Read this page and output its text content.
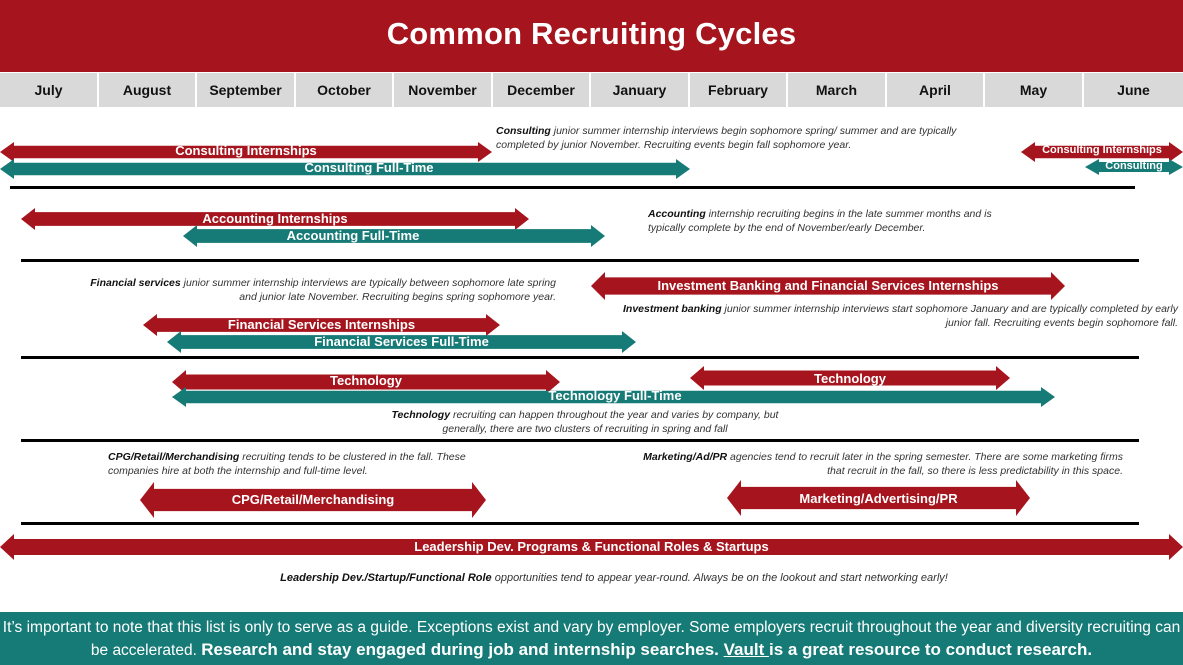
Common Recruiting Cycles
July	August	September	October	November	December	January	February	March	April	May	June
Consulting Internships
Consulting Full-Time
Consulting Internships
Consulting
Consulting junior summer internship interviews begin sophomore spring/ summer and are typically completed by junior November. Recruiting events begin fall sophomore year.
Accounting Internships
Accounting Full-Time
Accounting internship recruiting begins in the late summer months and is typically complete by the end of November/early December.
Financial services junior summer internship interviews are typically between sophomore late spring and junior late November. Recruiting begins spring sophomore year.
Investment Banking and Financial Services Internships
Investment banking junior summer internship interviews start sophomore January and are typically completed by early junior fall. Recruiting events begin sophomore fall.
Financial Services Internships
Financial Services Full-Time
Technology	Technology
Technology Full-Time
Technology recruiting can happen throughout the year and varies by company, but generally, there are two clusters of recruiting in spring and fall
CPG/Retail/Merchandising recruiting tends to be clustered in the fall. These companies hire at both the internship and full-time level.
Marketing/Ad/PR agencies tend to recruit later in the spring semester. There are some marketing firms that recruit in the fall, so there is less predictability in this space.
CPG/Retail/Merchandising	Marketing/Advertising/PR
Leadership Dev. Programs & Functional Roles & Startups
Leadership Dev./Startup/Functional Role opportunities tend to appear year-round. Always be on the lookout and start networking early!
It’s important to note that this list is only to serve as a guide. Exceptions exist and vary by employer. Some employers recruit throughout the year and diversity recruiting can be accelerated. Research and stay engaged during job and internship searches. Vault is a great resource to conduct research.
